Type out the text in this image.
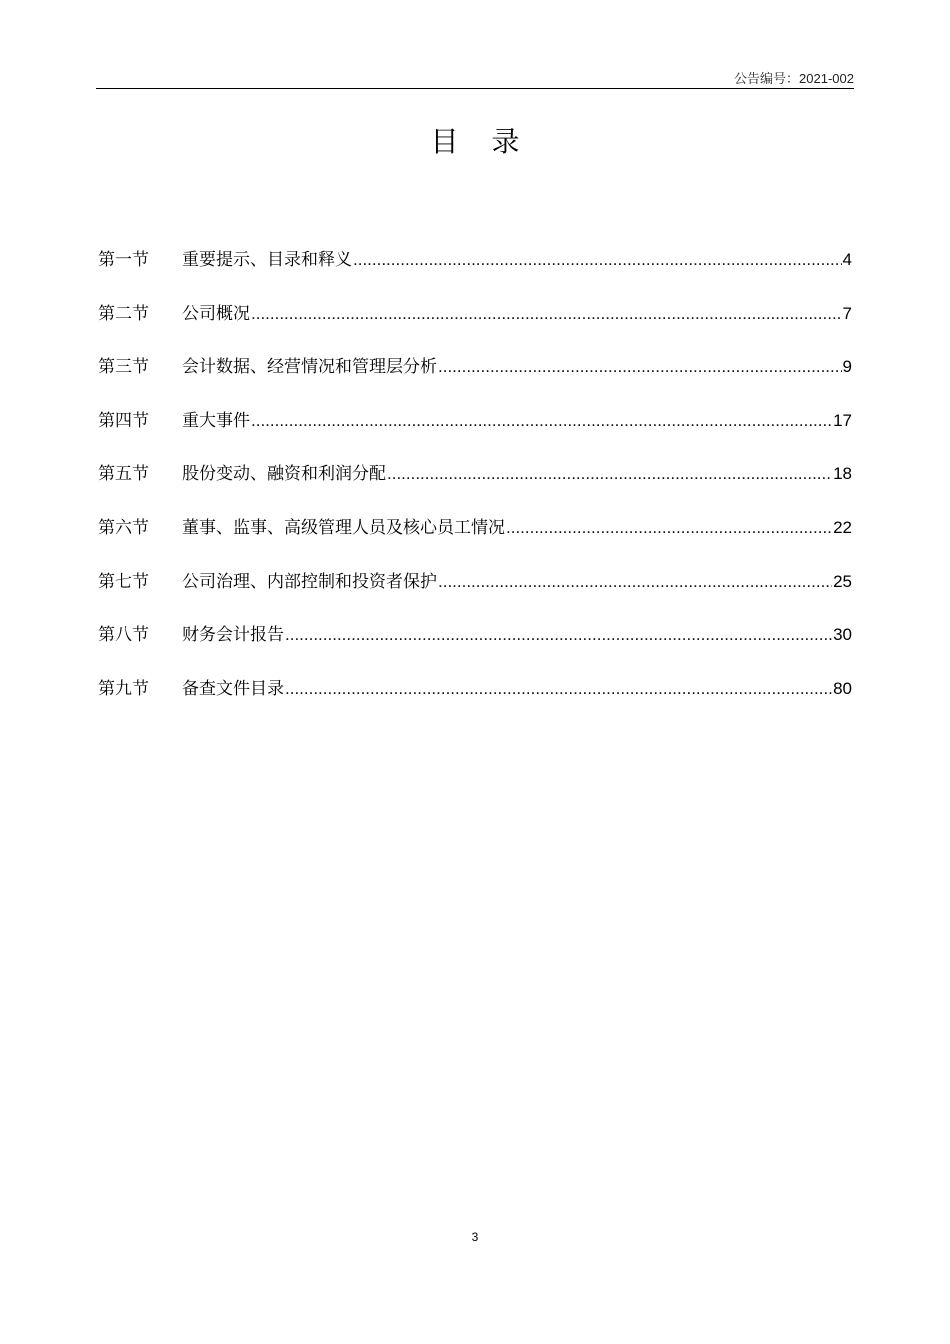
公告编号：2021-002
目 录
第一节	重要提示、目录和释义 .....	4
第二节	公司概况 .....	7
第三节	会计数据、经营情况和管理层分析 .....	9
第四节	重大事件 .....	17
第五节	股份变动、融资和利润分配 .....	18
第六节	董事、监事、高级管理人员及核心员工情况 .....	22
第七节	公司治理、内部控制和投资者保护 .....	25
第八节	财务会计报告 .....	30
第九节	备查文件目录 .....	80
3
